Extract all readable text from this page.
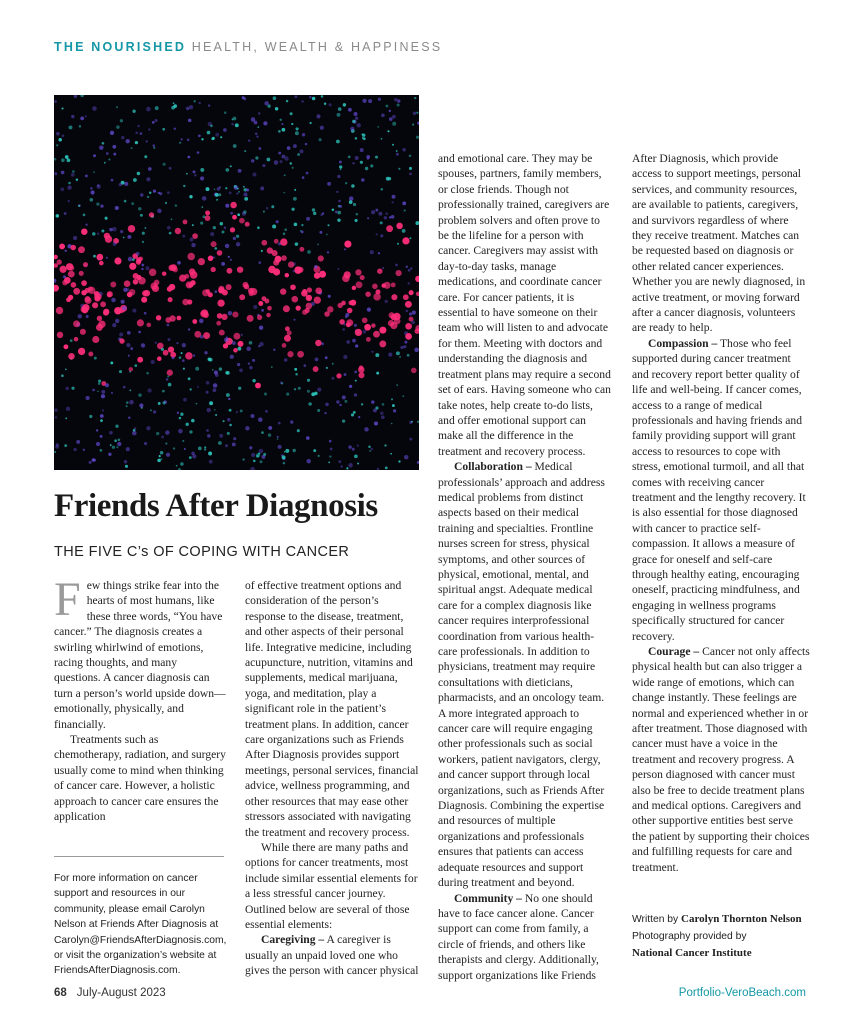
THE NOURISHED HEALTH, WEALTH & HAPPINESS
Friends After Diagnosis
THE FIVE C’s OF COPING WITH CANCER

Few things strike fear into the hearts of most humans, like these three words, “You have cancer.” The diagnosis creates a swirling whirlwind of emotions, racing thoughts, and many questions. A cancer diagnosis can turn a person’s world upside down—emotionally, physically, and financially.

Treatments such as chemotherapy, radiation, and surgery usually come to mind when thinking of cancer care. However, a holistic approach to cancer care ensures the application

of effective treatment options and consideration of the person’s response to the disease, treatment, and other aspects of their personal life. Integrative medicine, including acupuncture, nutrition, vitamins and supplements, medical marijuana, yoga, and meditation, play a significant role in the patient’s treatment plans. In addition, cancer care organizations such as Friends After Diagnosis provides support meetings, personal services, financial advice, wellness programming, and other resources that may ease other stressors associated with navigating the treatment and recovery process.

While there are many paths and options for cancer treatments, most include similar essential elements for a less stressful cancer journey. Outlined below are several of those essential elements:

Caregiving – A caregiver is usually an unpaid loved one who gives the person with cancer physical

and emotional care. They may be spouses, partners, family members, or close friends. Though not professionally trained, caregivers are problem solvers and often prove to be the lifeline for a person with cancer. Caregivers may assist with day-to-day tasks, manage medications, and coordinate cancer care. For cancer patients, it is essential to have someone on their team who will listen to and advocate for them. Meeting with doctors and understanding the diagnosis and treatment plans may require a second set of ears. Having someone who can take notes, help create to-do lists, and offer emotional support can make all the difference in the treatment and recovery process.

Collaboration – Medical professionals’ approach and address medical problems from distinct aspects based on their medical training and specialties. Frontline nurses screen for stress, physical symptoms, and other sources of physical, emotional, mental, and spiritual angst. Adequate medical care for a complex diagnosis like cancer requires interprofessional coordination from various health-care professionals. In addition to physicians, treatment may require consultations with dieticians, pharmacists, and an oncology team. A more integrated approach to cancer care will require engaging other professionals such as social workers, patient navigators, clergy, and cancer support through local organizations, such as Friends After Diagnosis. Combining the expertise and resources of multiple organizations and professionals ensures that patients can access adequate resources and support during treatment and beyond.

Community – No one should have to face cancer alone. Cancer support can come from family, a circle of friends, and others like therapists and clergy. Additionally, support organizations like Friends

After Diagnosis, which provide access to support meetings, personal services, and community resources, are available to patients, caregivers, and survivors regardless of where they receive treatment. Matches can be requested based on diagnosis or other related cancer experiences. Whether you are newly diagnosed, in active treatment, or moving forward after a cancer diagnosis, volunteers are ready to help.

Compassion – Those who feel supported during cancer treatment and recovery report better quality of life and well-being. If cancer comes, access to a range of medical professionals and having friends and family providing support will grant access to resources to cope with stress, emotional turmoil, and all that comes with receiving cancer treatment and the lengthy recovery. It is also essential for those diagnosed with cancer to practice self-compassion. It allows a measure of grace for oneself and self-care through healthy eating, encouraging oneself, practicing mindfulness, and engaging in wellness programs specifically structured for cancer recovery.

Courage – Cancer not only affects physical health but can also trigger a wide range of emotions, which can change instantly. These feelings are normal and experienced whether in or after treatment. Those diagnosed with cancer must have a voice in the treatment and recovery progress. A person diagnosed with cancer must also be free to decide treatment plans and medical options. Caregivers and other supportive entities best serve the patient by supporting their choices and fulfilling requests for care and treatment.

For more information on cancer support and resources in our community, please email Carolyn Nelson at Friends After Diagnosis at Carolyn@FriendsAfterDiagnosis.com, or visit the organization’s website at FriendsAfterDiagnosis.com.
Written by Carolyn Thornton Nelson
Photography provided by
National Cancer Institute
68 July-August 2023	Portfolio-VeroBeach.com
